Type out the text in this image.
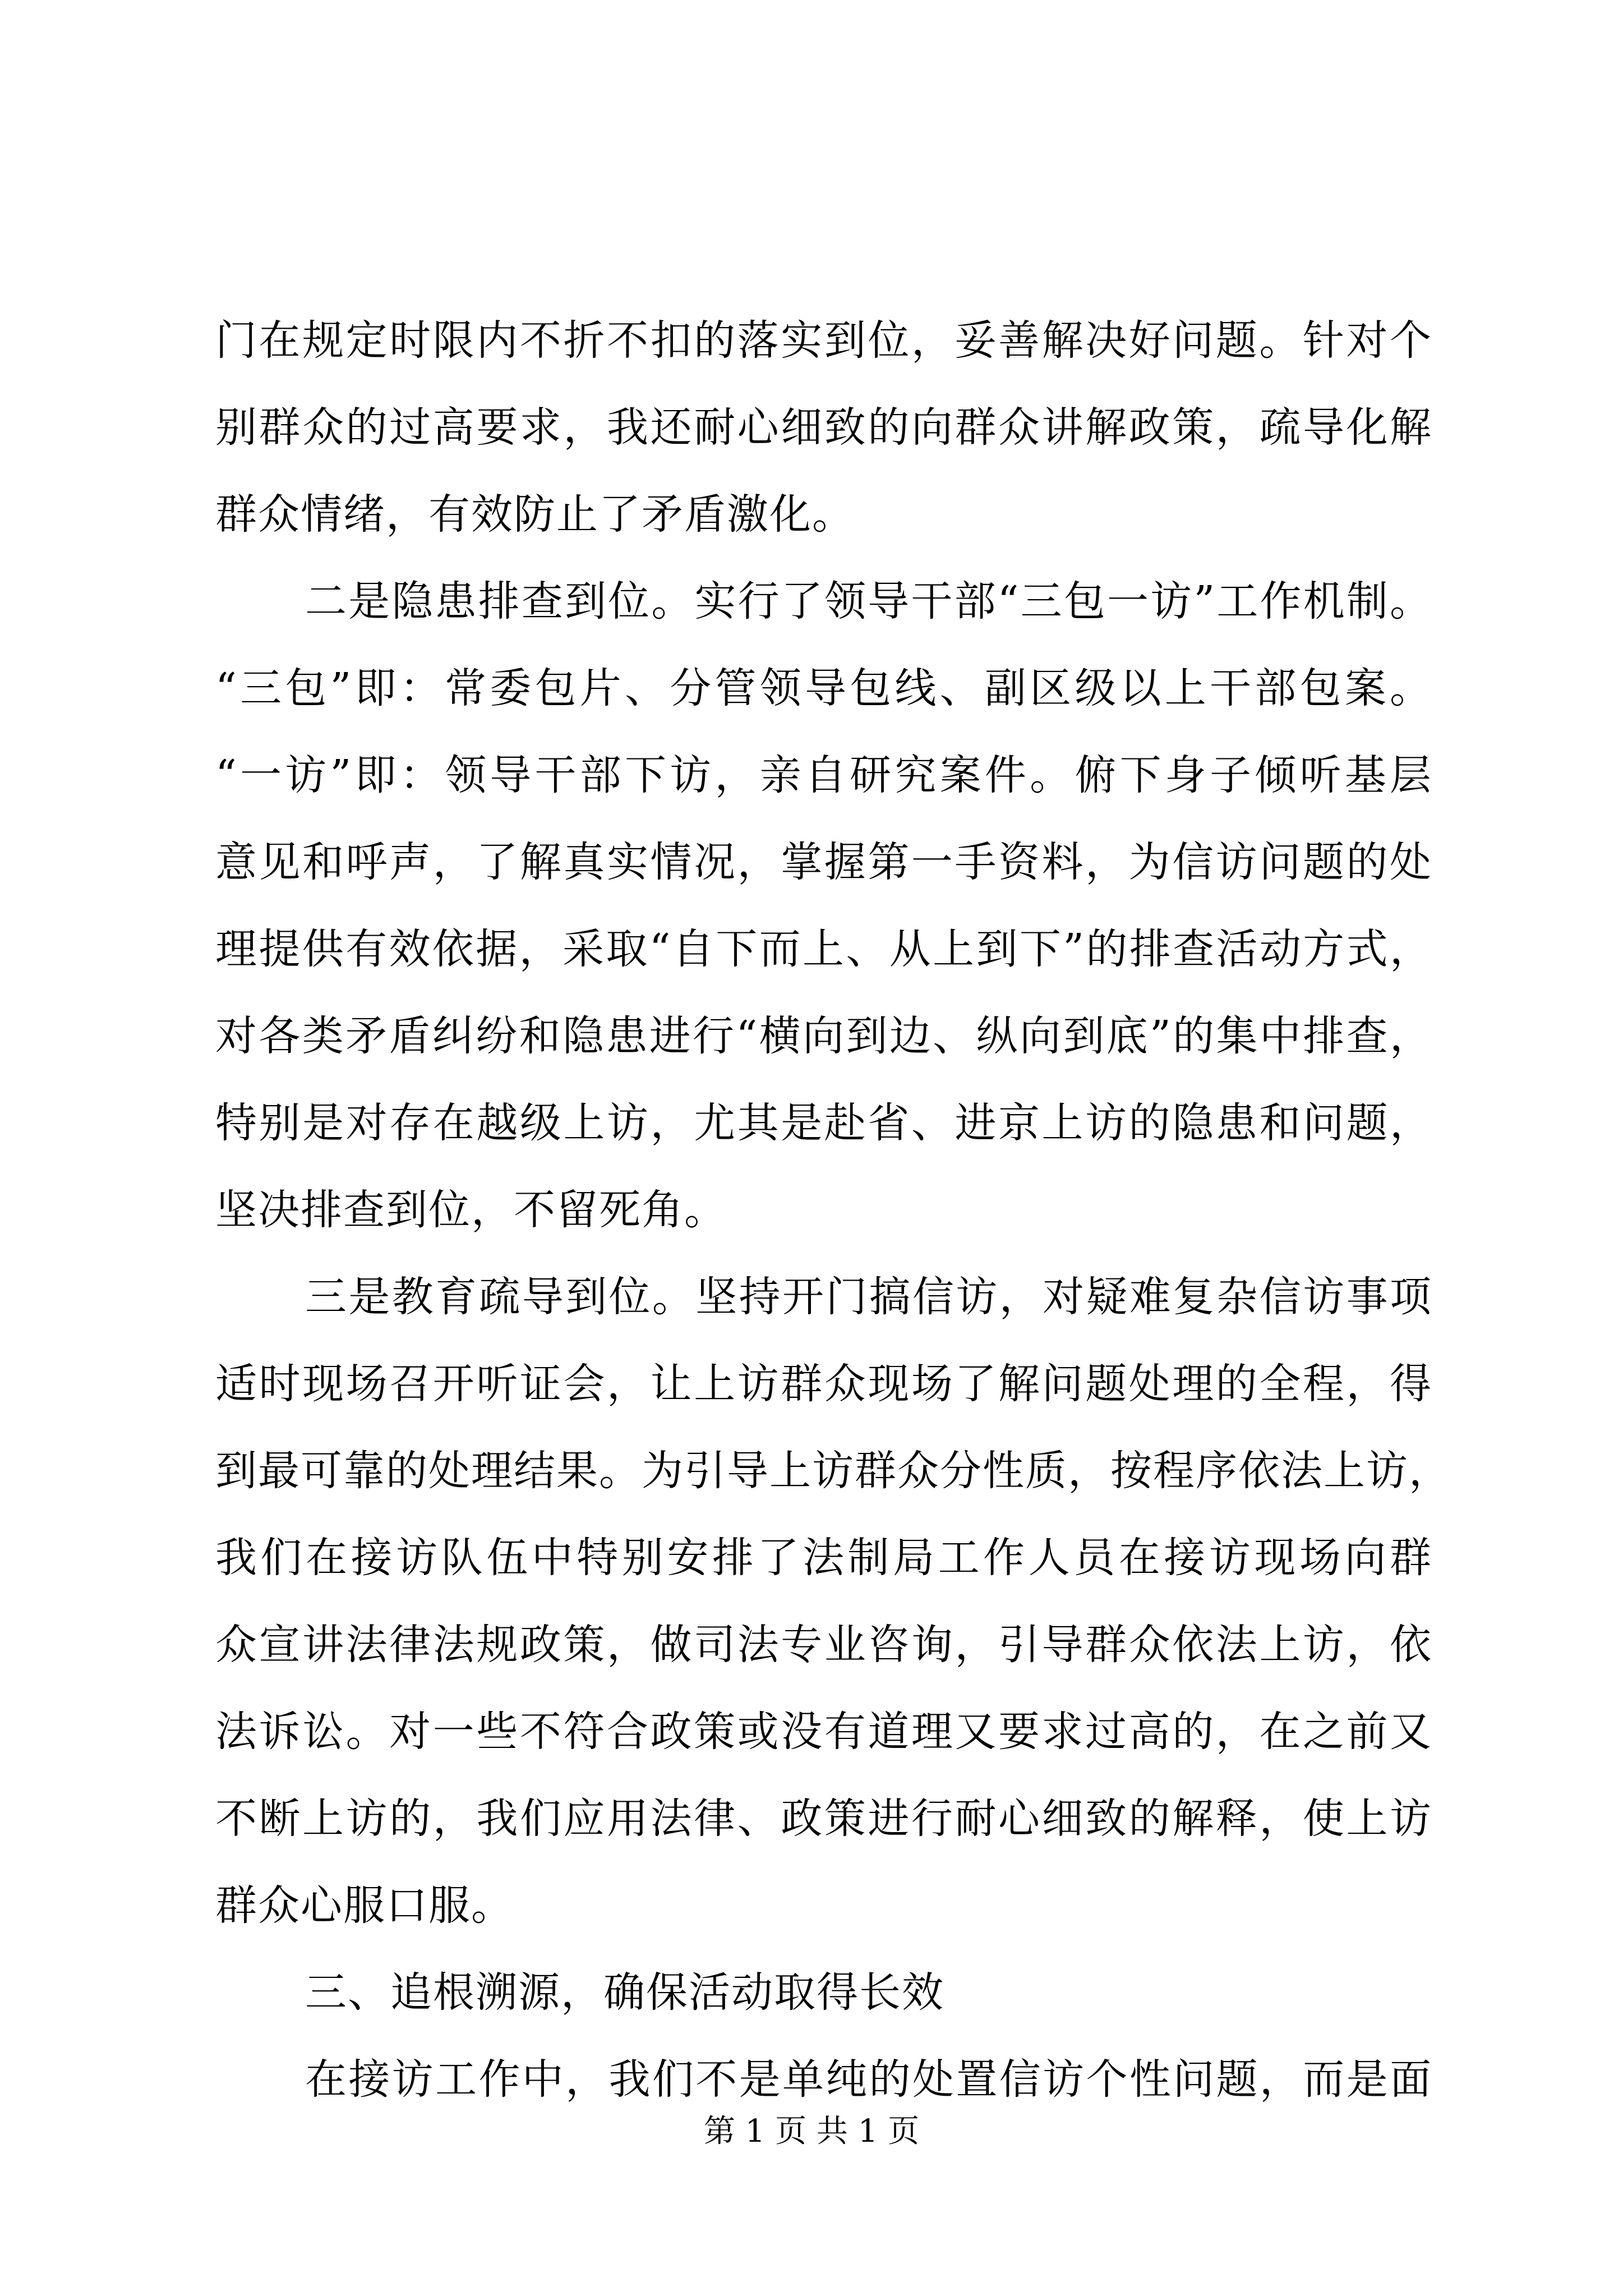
门在规定时限内不折不扣的落实到位，妥善解决好问题。针对个
别群众的过高要求，我还耐心细致的向群众讲解政策，疏导化解
群众情绪，有效防止了矛盾激化。
二是隐患排查到位。实行了领导干部“三包一访”工作机制。
“三包”即：常委包片、分管领导包线、副区级以上干部包案。
“一访”即：领导干部下访，亲自研究案件。俯下身子倾听基层
意见和呼声，了解真实情况，掌握第一手资料，为信访问题的处
理提供有效依据，采取“自下而上、从上到下”的排查活动方式，
对各类矛盾纠纷和隐患进行“横向到边、纵向到底”的集中排查，
特别是对存在越级上访，尤其是赴省、进京上访的隐患和问题，
坚决排查到位，不留死角。
三是教育疏导到位。坚持开门搞信访，对疑难复杂信访事项
适时现场召开听证会，让上访群众现场了解问题处理的全程，得
到最可靠的处理结果。为引导上访群众分性质，按程序依法上访，
我们在接访队伍中特别安排了法制局工作人员在接访现场向群
众宣讲法律法规政策，做司法专业咨询，引导群众依法上访，依
法诉讼。对一些不符合政策或没有道理又要求过高的，在之前又
不断上访的，我们应用法律、政策进行耐心细致的解释，使上访
群众心服口服。
三、追根溯源，确保活动取得长效
在接访工作中，我们不是单纯的处置信访个性问题，而是面
第 1 页 共 1 页
